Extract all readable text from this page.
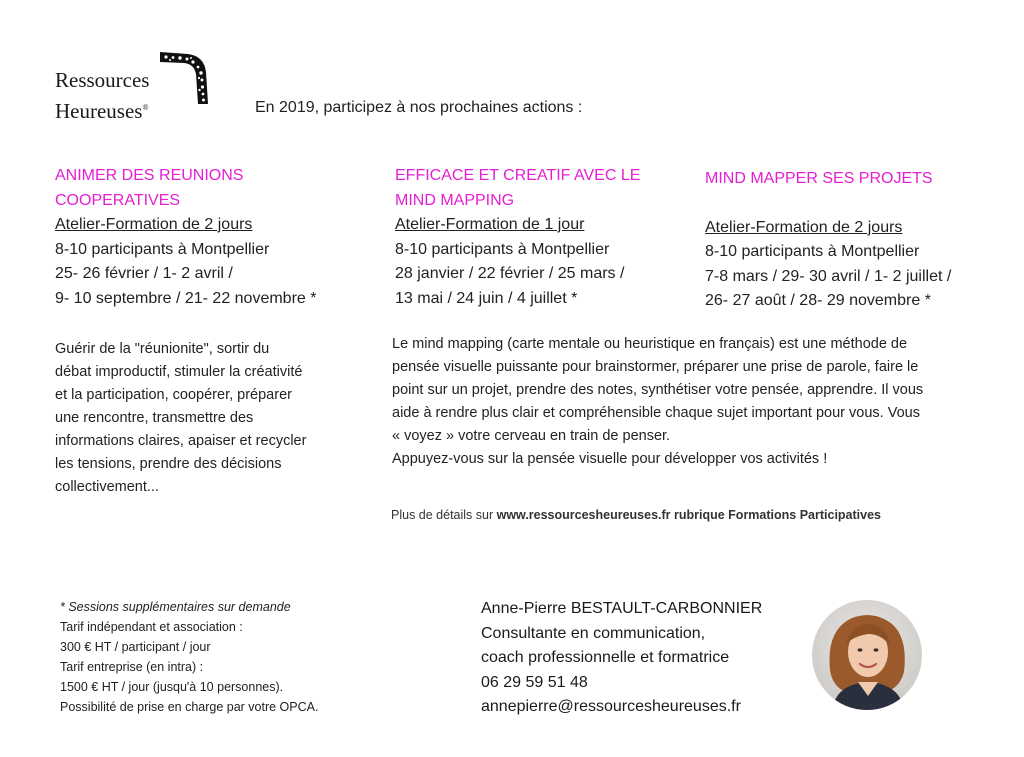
Ressources
Heureuses®	En 2019, participez à nos prochaines actions :

ANIMER DES REUNIONS

COOPERATIVES

Atelier-Formation de 2 jours

8-10 participants à Montpellier

25- 26 février / 1- 2 avril /

9- 10 septembre / 21- 22 novembre *

EFFICACE ET CREATIF AVEC LE

MIND MAPPING

Atelier-Formation de 1 jour

8-10 participants à Montpellier

28 janvier / 22 février / 25 mars /

13 mai / 24 juin / 4 juillet *

MIND MAPPER SES PROJETS

Atelier-Formation de 2 jours

8-10 participants à Montpellier

7-8 mars / 29- 30 avril / 1- 2 juillet /

26- 27 août / 28- 29 novembre *

Guérir de la "réunionite", sortir du

débat improductif, stimuler la créativité

et la participation, coopérer, préparer

une rencontre, transmettre des

informations claires, apaiser et recycler

les tensions, prendre des décisions

collectivement...

Le mind mapping (carte mentale ou heuristique en français) est une méthode de

pensée visuelle puissante pour brainstormer, préparer une prise de parole, faire le

point sur un projet, prendre des notes, synthétiser votre pensée, apprendre. Il vous

aide à rendre plus clair et compréhensible chaque sujet important pour vous. Vous

« voyez » votre cerveau en train de penser.

Appuyez-vous sur la pensée visuelle pour développer vos activités !

Plus de détails sur www.ressourcesheureuses.fr rubrique Formations Participatives

* Sessions supplémentaires sur demande

Tarif indépendant et association :

300 € HT / participant / jour

Tarif entreprise (en intra) :

1500 € HT / jour (jusqu'à 10 personnes).

Possibilité de prise en charge par votre OPCA.

Anne-Pierre BESTAULT-CARBONNIER

Consultante en communication,

coach professionnelle et formatrice

06 29 59 51 48

annepierre@ressourcesheureuses.fr
